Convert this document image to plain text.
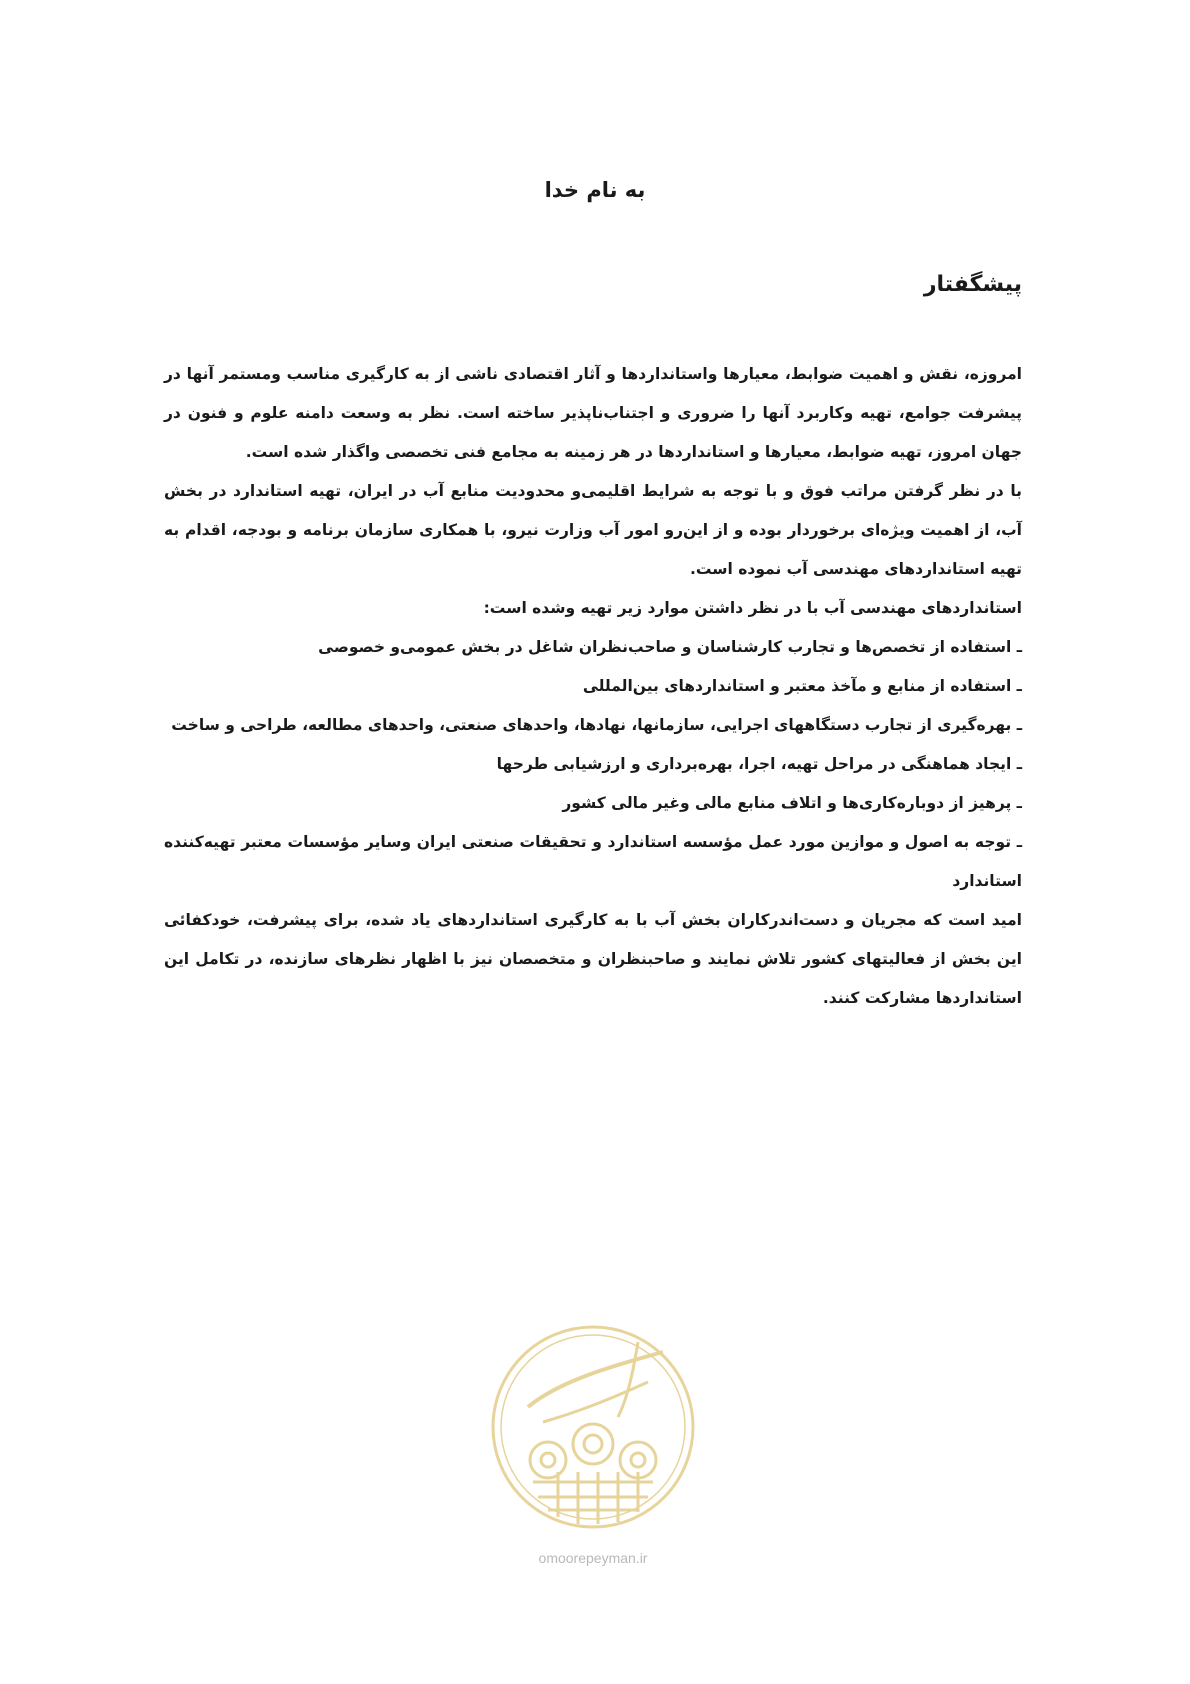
به نام خدا
پیشگفتار

امروزه، نقش و اهمیت ضوابط، معیارها واستانداردها و آثار اقتصادی ناشی از به کارگیری مناسب ومستمر آنها در پیشرفت جوامع، تهیه وکاربرد آنها را ضروری و اجتناب‌ناپذیر ساخته است. نظر به وسعت دامنه علوم و فنون در جهان امروز، تهیه ضوابط، معیارها و استانداردها در هر زمینه به مجامع فنی تخصصی واگذار شده است.

با در نظر گرفتن مراتب فوق و با توجه به شرایط اقلیمی‌و محدودیت منابع آب در ایران، تهیه استاندارد در بخش آب، از اهمیت ویژه‌ای برخوردار بوده و از این‌رو امور آب وزارت نیرو، با همکاری سازمان برنامه و بودجه، اقدام به تهیه استانداردهای مهندسی آب نموده است.

استانداردهای مهندسی آب با در نظر داشتن موارد زیر تهیه وشده است:

ـ استفاده از تخصص‌ها و تجارب کارشناسان و صاحب‌نظران شاغل در بخش عمومی‌و خصوصی

ـ استفاده از منابع و مآخذ معتبر و استانداردهای بین‌المللی

ـ بهره‌گیری از تجارب دستگاههای اجرایی، سازمانها، نهادها، واحدهای صنعتی، واحدهای مطالعه، طراحی و ساخت

ـ ایجاد هماهنگی در مراحل تهیه، اجرا، بهره‌برداری و ارزشیابی طرحها

ـ پرهیز از دوباره‌کاری‌ها و اتلاف منابع مالی وغیر مالی کشور

ـ توجه به اصول و موازین مورد عمل مؤسسه استاندارد و تحقیقات صنعتی ایران وسایر مؤسسات معتبر تهیه‌کننده استاندارد

امید است که مجریان و دست‌اندرکاران بخش آب با به کارگیری استانداردهای یاد شده، برای پیشرفت، خودکفائی این بخش از فعالیتهای کشور تلاش نمایند و صاحبنظران و متخصصان نیز با اظهار نظرهای سازنده، در تکامل این استانداردها مشارکت کنند.

omoorepeyman.ir
